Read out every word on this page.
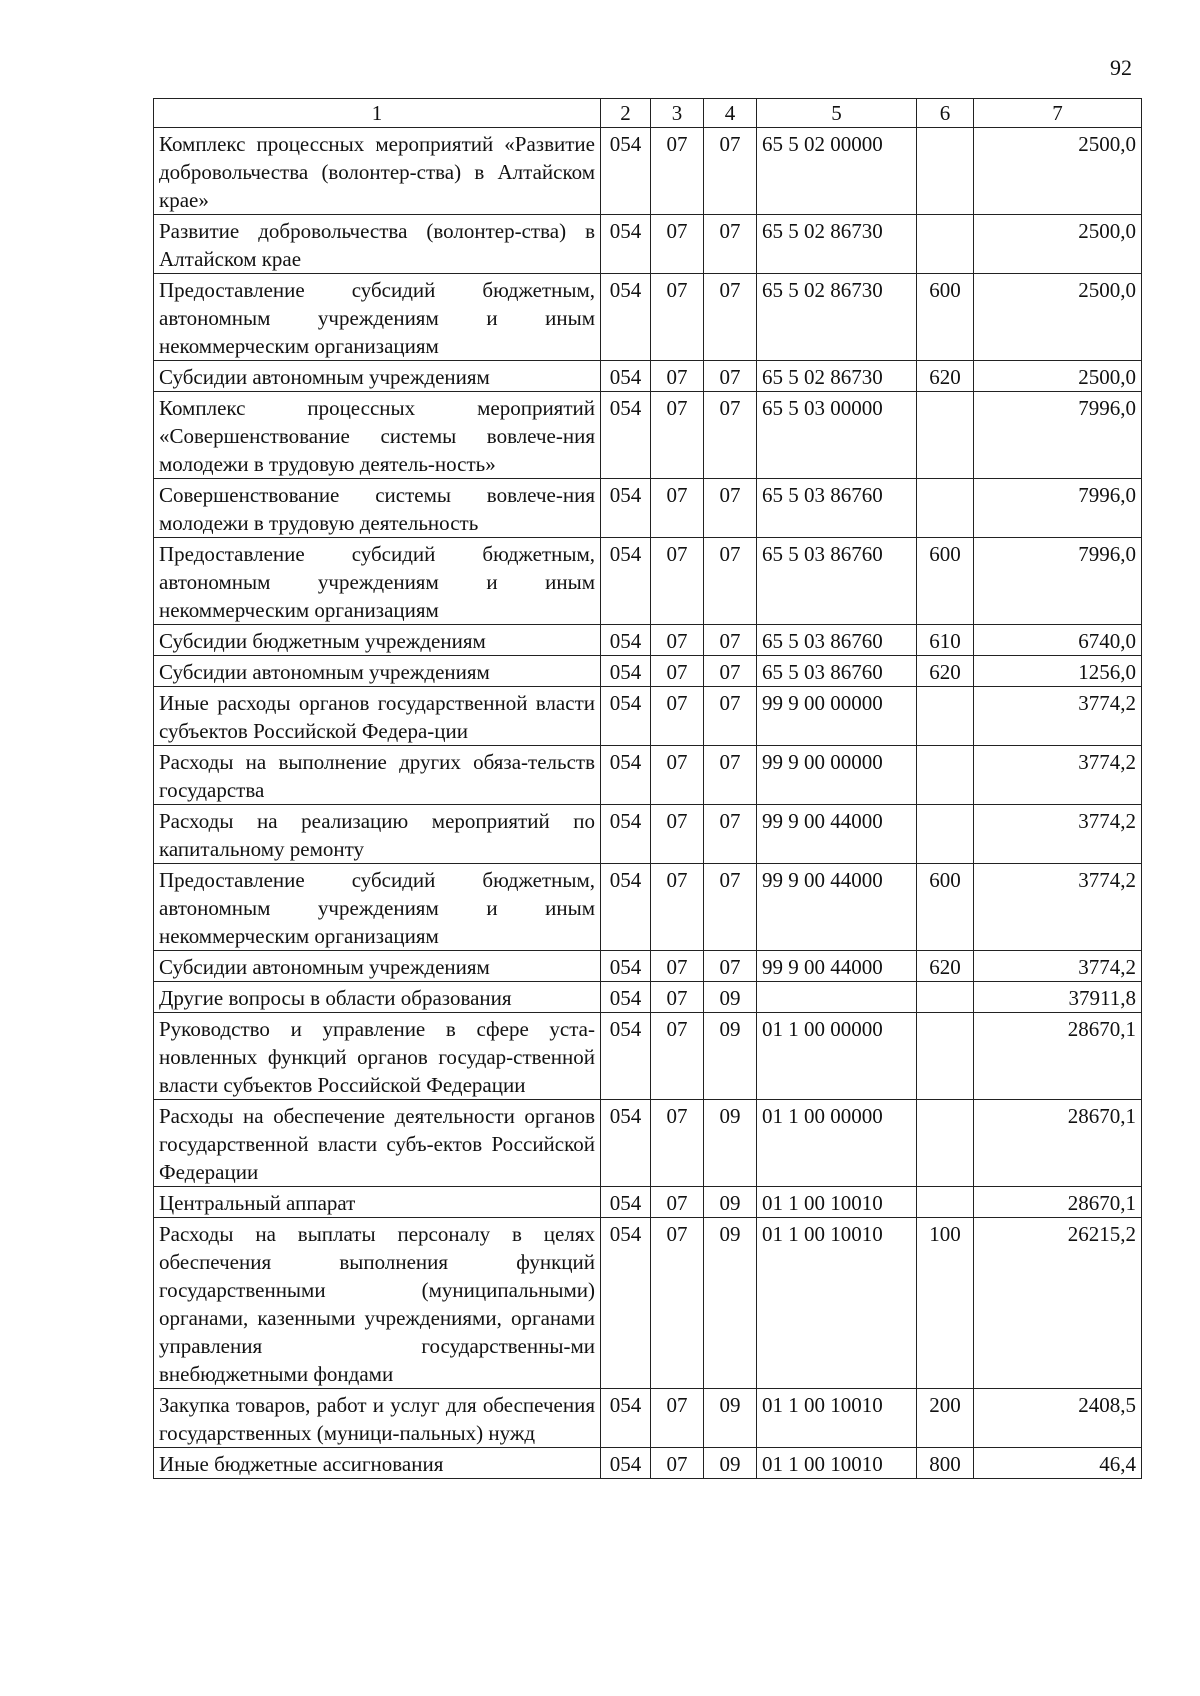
92
1	2	3	4	5	6	7
Комплекс процессных мероприятий «Развитие добровольчества (волонтер-ства) в Алтайском крае»	054	07	07	65 5 02 00000		2500,0
Развитие добровольчества (волонтер-ства) в Алтайском крае	054	07	07	65 5 02 86730		2500,0
Предоставление субсидий бюджетным, автономным учреждениям и иным некоммерческим организациям	054	07	07	65 5 02 86730	600	2500,0
Субсидии автономным учреждениям	054	07	07	65 5 02 86730	620	2500,0
Комплекс процессных мероприятий «Совершенствование системы вовлече-ния молодежи в трудовую деятель-ность»	054	07	07	65 5 03 00000		7996,0
Совершенствование системы вовлече-ния молодежи в трудовую деятельность	054	07	07	65 5 03 86760		7996,0
Предоставление субсидий бюджетным, автономным учреждениям и иным некоммерческим организациям	054	07	07	65 5 03 86760	600	7996,0
Субсидии бюджетным учреждениям	054	07	07	65 5 03 86760	610	6740,0
Субсидии автономным учреждениям	054	07	07	65 5 03 86760	620	1256,0
Иные расходы органов государственной власти субъектов Российской Федера-ции	054	07	07	99 9 00 00000		3774,2
Расходы на выполнение других обяза-тельств государства	054	07	07	99 9 00 00000		3774,2
Расходы на реализацию мероприятий по капитальному ремонту	054	07	07	99 9 00 44000		3774,2
Предоставление субсидий бюджетным, автономным учреждениям и иным некоммерческим организациям	054	07	07	99 9 00 44000	600	3774,2
Субсидии автономным учреждениям	054	07	07	99 9 00 44000	620	3774,2
Другие вопросы в области образования	054	07	09			37911,8
Руководство и управление в сфере уста-новленных функций органов государ-ственной власти субъектов Российской Федерации	054	07	09	01 1 00 00000		28670,1
Расходы на обеспечение деятельности органов государственной власти субъ-ектов Российской Федерации	054	07	09	01 1 00 00000		28670,1
Центральный аппарат	054	07	09	01 1 00 10010		28670,1
Расходы на выплаты персоналу в целях обеспечения выполнения функций государственными (муниципальными) органами, казенными учреждениями, органами управления государственны-ми внебюджетными фондами	054	07	09	01 1 00 10010	100	26215,2
Закупка товаров, работ и услуг для обеспечения государственных (муници-пальных) нужд	054	07	09	01 1 00 10010	200	2408,5
Иные бюджетные ассигнования	054	07	09	01 1 00 10010	800	46,4
